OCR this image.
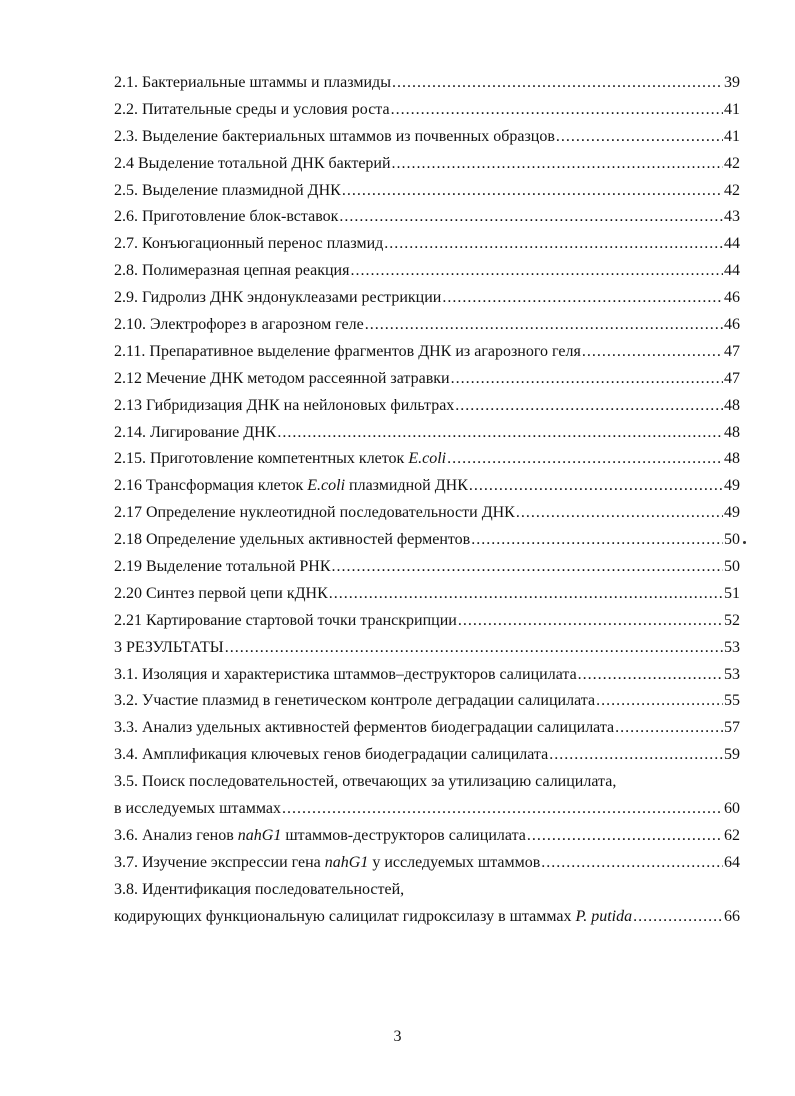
2.1. Бактериальные штаммы и плазмиды .....	39
2.2. Питательные среды и условия роста .....	41
2.3. Выделение бактериальных штаммов из почвенных образцов .....	41
2.4 Выделение тотальной ДНК бактерий .....	42
2.5. Выделение плазмидной ДНК .....	42
2.6. Приготовление блок-вставок .....	43
2.7. Конъюгационный перенос плазмид .....	44
2.8. Полимеразная цепная реакция .....	44
2.9. Гидролиз ДНК эндонуклеазами рестрикции .....	46
2.10. Электрофорез в агарозном геле .....	46
2.11. Препаративное выделение фрагментов ДНК из агарозного геля .....	47
2.12 Мечение ДНК методом рассеянной затравки .....	47
2.13 Гибридизация ДНК на нейлоновых фильтрах .....	48
2.14. Лигирование ДНК .....	48
2.15. Приготовление компетентных клеток E.coli .....	48
2.16 Трансформация клеток E.coli плазмидной ДНК .....	49
2.17 Определение нуклеотидной последовательности ДНК .....	49
2.18 Определение удельных активностей ферментов .....	50
2.19 Выделение тотальной РНК .....	50
2.20 Синтез первой цепи кДНК .....	51
2.21 Картирование стартовой точки транскрипции .....	52
3 РЕЗУЛЬТАТЫ .....	53
3.1. Изоляция и характеристика штаммов–деструкторов салицилата .....	53
3.2. Участие плазмид в генетическом контроле деградации салицилата .....	55
3.3. Анализ удельных активностей ферментов биодеградации салицилата .....	57
3.4. Амплификация ключевых генов биодеградации салицилата .....	59
3.5. Поиск последовательностей, отвечающих за утилизацию салицилата,
в исследуемых штаммах .....	60
3.6. Анализ генов nahG1 штаммов-деструкторов салицилата .....	62
3.7. Изучение экспрессии гена nahG1 у исследуемых штаммов .....	64
3.8. Идентификация последовательностей,
кодирующих функциональную салицилат гидроксилазу в штаммах P. putida .....	66
3
